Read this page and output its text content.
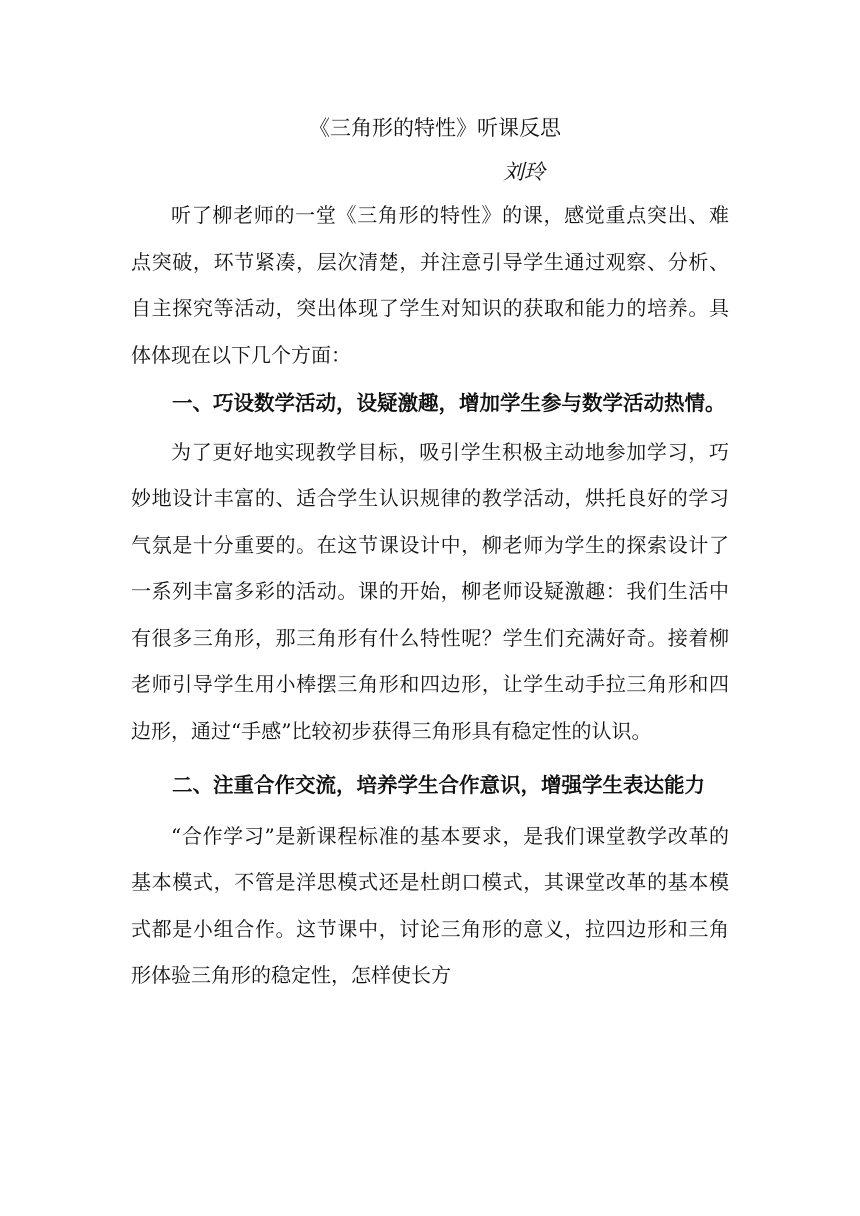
《三角形的特性》听课反思
刘玲

听了柳老师的一堂《三角形的特性》的课，感觉重点突出、难点突破，环节紧凑，层次清楚，并注意引导学生通过观察、分析、自主探究等活动，突出体现了学生对知识的获取和能力的培养。具体体现在以下几个方面：

一、巧设数学活动，设疑激趣，增加学生参与数学活动热情。

为了更好地实现教学目标，吸引学生积极主动地参加学习，巧妙地设计丰富的、适合学生认识规律的教学活动，烘托良好的学习气氛是十分重要的。在这节课设计中，柳老师为学生的探索设计了一系列丰富多彩的活动。课的开始，柳老师设疑激趣：我们生活中有很多三角形，那三角形有什么特性呢？学生们充满好奇。接着柳老师引导学生用小棒摆三角形和四边形，让学生动手拉三角形和四边形，通过“手感”比较初步获得三角形具有稳定性的认识。

二、注重合作交流，培养学生合作意识，增强学生表达能力

“合作学习”是新课程标准的基本要求，是我们课堂教学改革的基本模式，不管是洋思模式还是杜朗口模式，其课堂改革的基本模式都是小组合作。这节课中，讨论三角形的意义，拉四边形和三角形体验三角形的稳定性，怎样使长方
